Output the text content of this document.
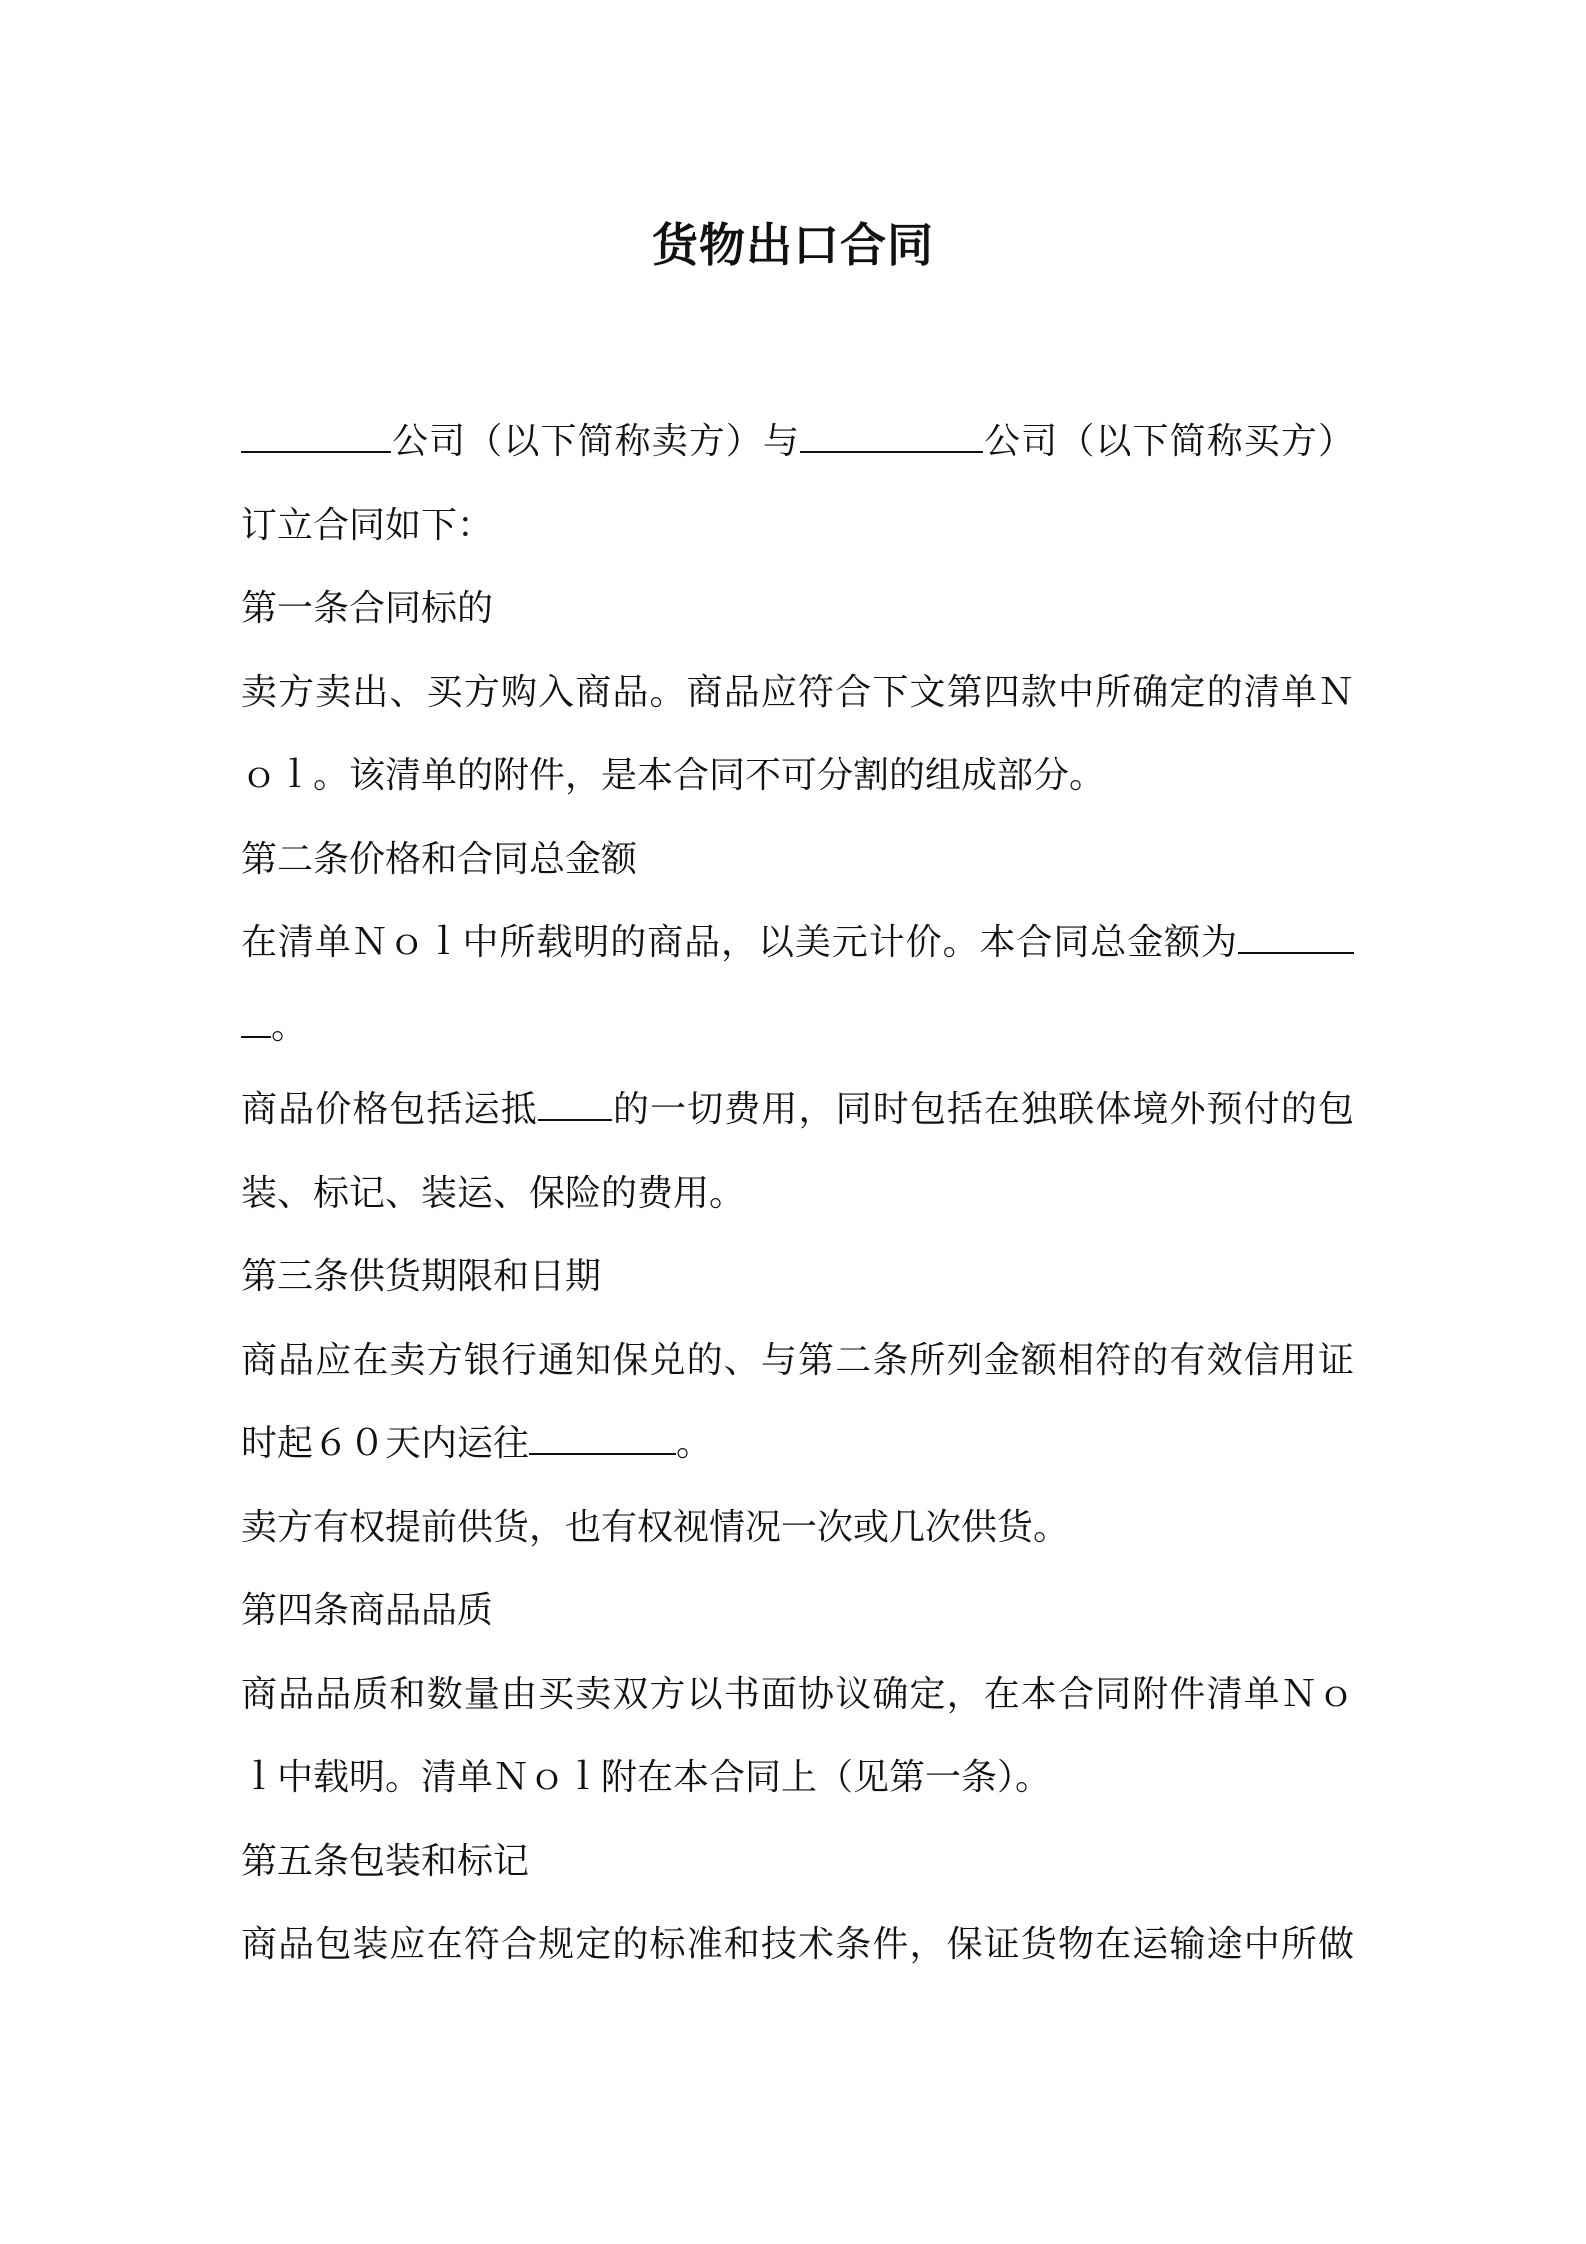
货物出口合同
公司（以下简称卖方）与	公司（以下简称买方）
订立合同如下：
第一条合同标的
卖方卖出、买方购入商品。商品应符合下文第四款中所确定的清单Ｎ
ｏｌ。该清单的附件，是本合同不可分割的组成部分。
第二条价格和合同总金额
在清单Ｎｏｌ中所载明的商品，以美元计价。本合同总金额为
。
商品价格包括运抵 的一切费用，同时包括在独联体境外预付的包
装、标记、装运、保险的费用。
第三条供货期限和日期
商品应在卖方银行通知保兑的、与第二条所列金额相符的有效信用证
时起６０天内运往	。
卖方有权提前供货，也有权视情况一次或几次供货。
第四条商品品质
商品品质和数量由买卖双方以书面协议确定，在本合同附件清单Ｎｏ
ｌ中载明。清单Ｎｏｌ附在本合同上（见第一条）。
第五条包装和标记
商品包装应在符合规定的标准和技术条件，保证货物在运输途中所做
